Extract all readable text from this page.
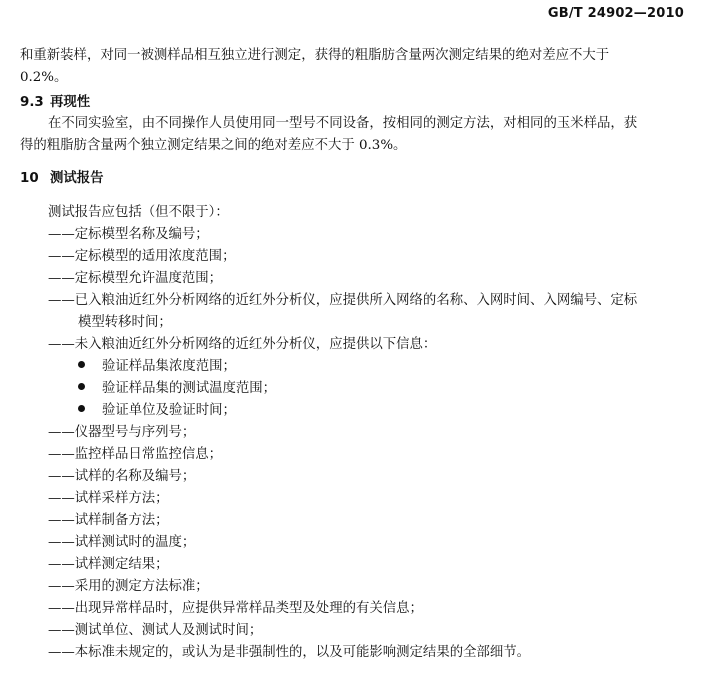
GB/T 24902—2010
和重新装样，对同一被测样品相互独立进行测定，获得的粗脂肪含量两次测定结果的绝对差应不大于
0.2%。
9.3 再现性
在不同实验室，由不同操作人员使用同一型号不同设备，按相同的测定方法，对相同的玉米样品，获
得的粗脂肪含量两个独立测定结果之间的绝对差应不大于 0.3%。
10 测试报告
测试报告应包括（但不限于）：
——定标模型名称及编号；
——定标模型的适用浓度范围；
——定标模型允许温度范围；
——已入粮油近红外分析网络的近红外分析仪，应提供所入网络的名称、入网时间、入网编号、定标
模型转移时间；
——未入粮油近红外分析网络的近红外分析仪，应提供以下信息：
验证样品集浓度范围；
验证样品集的测试温度范围；
验证单位及验证时间；
——仪器型号与序列号；
——监控样品日常监控信息；
——试样的名称及编号；
——试样采样方法；
——试样制备方法；
——试样测试时的温度；
——试样测定结果；
——采用的测定方法标准；
——出现异常样品时，应提供异常样品类型及处理的有关信息；
——测试单位、测试人及测试时间；
——本标准未规定的，或认为是非强制性的，以及可能影响测定结果的全部细节。
